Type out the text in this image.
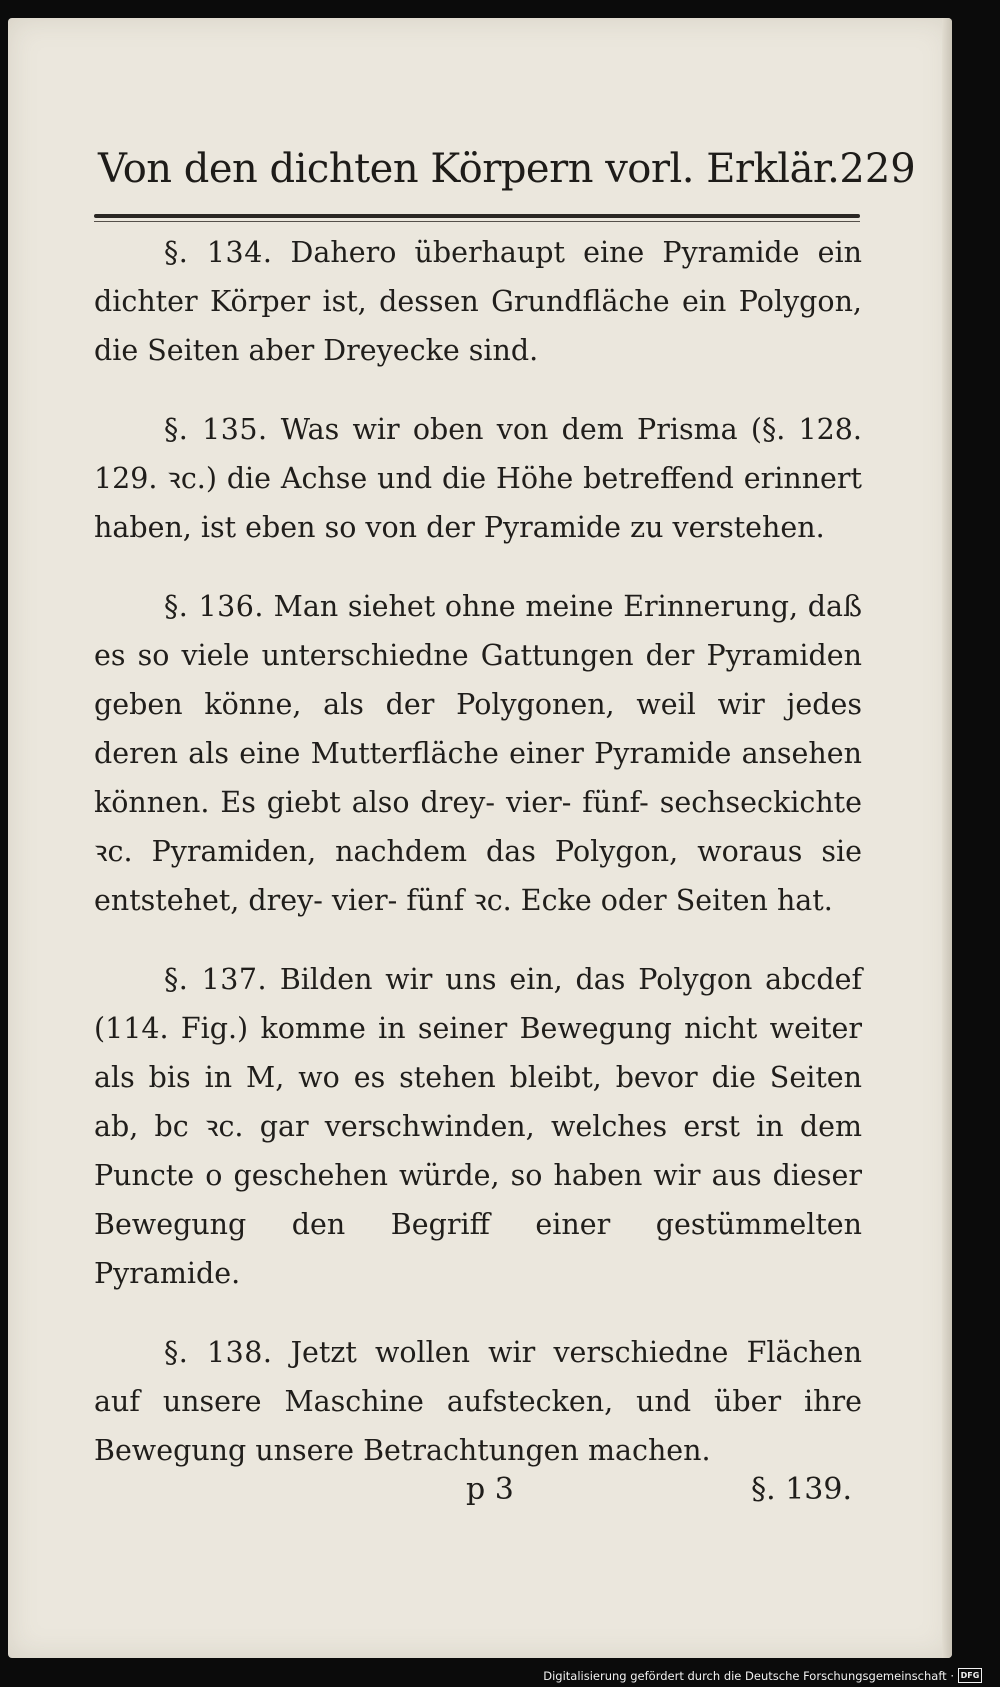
Von den dichten Körpern vorl. Erklär. 229

§. 134. Dahero überhaupt eine Pyramide ein dichter Körper ist, dessen Grundfläche ein Polygon, die Seiten aber Dreyecke sind.

§. 135. Was wir oben von dem Prisma (§. 128. 129. ꝛc.) die Achse und die Höhe betreffend erinnert haben, ist eben so von der Pyramide zu verstehen.

§. 136. Man siehet ohne meine Erinnerung, daß es so viele unterschiedne Gattungen der Pyramiden geben könne, als der Polygonen, weil wir jedes deren als eine Mutterfläche einer Pyramide ansehen können. Es giebt also drey- vier- fünf- sechseckichte ꝛc. Pyramiden, nachdem das Polygon, woraus sie entstehet, drey- vier- fünf ꝛc. Ecke oder Seiten hat.

§. 137. Bilden wir uns ein, das Polygon abcdef (114. Fig.) komme in seiner Bewegung nicht weiter als bis in M, wo es stehen bleibt, bevor die Seiten ab, bc ꝛc. gar verschwinden, welches erst in dem Puncte o geschehen würde, so haben wir aus dieser Bewegung den Begriff einer gestümmelten Pyramide.

§. 138. Jetzt wollen wir verschiedne Flächen auf unsere Maschine aufstecken, und über ihre Bewegung unsere Betrachtungen machen.

p 3	§. 139.
Digitalisierung gefördert durch die Deutsche Forschungsgemeinschaft · DFG
